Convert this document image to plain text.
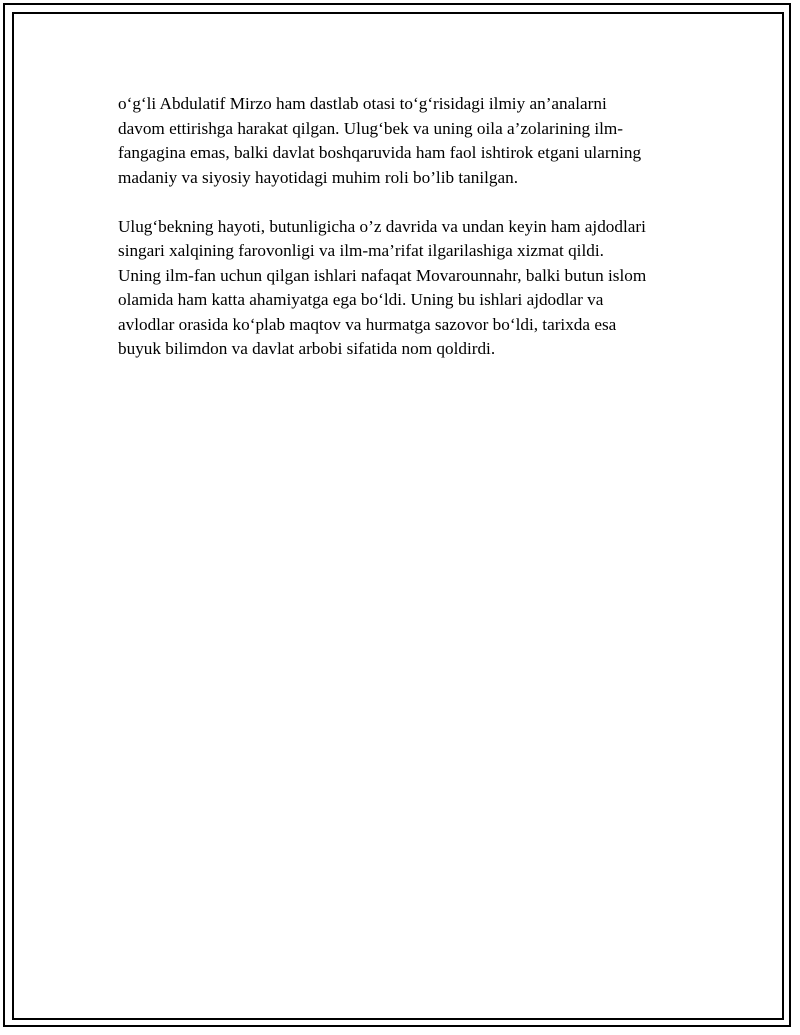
o‘g‘li Abdulatif Mirzo ham dastlab otasi to‘g‘risidagi ilmiy an’analarni
davom ettirishga harakat qilgan. Ulug‘bek va uning oila a’zolarining ilm-
fangagina emas, balki davlat boshqaruvida ham faol ishtirok etgani ularning
madaniy va siyosiy hayotidagi muhim roli bo’lib tanilgan.

Ulug‘bekning hayoti, butunligicha o’z davrida va undan keyin ham ajdodlari
singari xalqining farovonligi va ilm-ma’rifat ilgarilashiga xizmat qildi.
Uning ilm-fan uchun qilgan ishlari nafaqat Movarounnahr, balki butun islom
olamida ham katta ahamiyatga ega bo‘ldi. Uning bu ishlari ajdodlar va
avlodlar orasida ko‘plab maqtov va hurmatga sazovor bo‘ldi, tarixda esa
buyuk bilimdon va davlat arbobi sifatida nom qoldirdi.
